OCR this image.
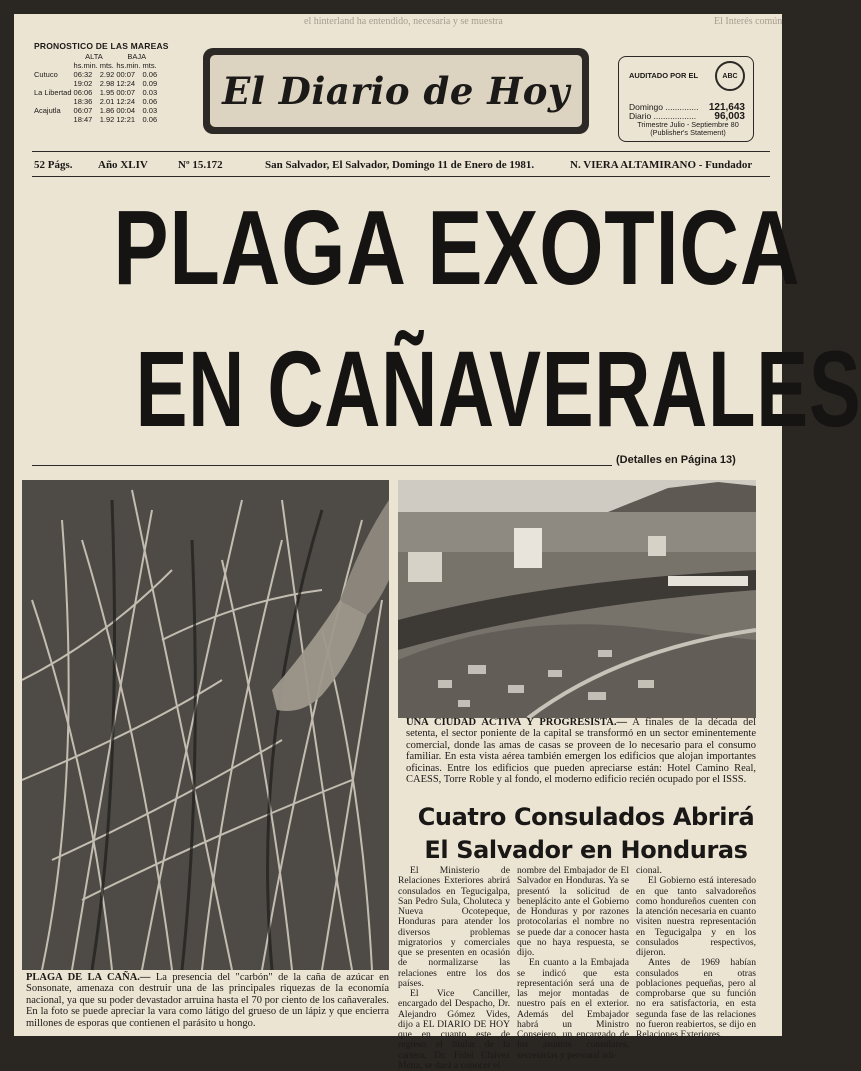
el hinterland ha entendido, necesaria y se muestra	El Interés común
PRONOSTICO DE LAS MAREAS
	ALTA		BAJA	
	hs.min.	mts.	hs.min.	mts.
Cutuco	06:32	2.92	00:07	0.06
	19:02	2.98	12:24	0.09
La Libertad	06:06	1.95	00:07	0.03
	18:36	2.01	12:24	0.06
Acajutla	06:07	1.86	00:04	0.03
	18:47	1.92	12:21	0.06
El Diario de Hoy	AUDITADO POR EL	ABC
Domingo .............. 121,643
Diario .................. 96,003
Trimestre Julio - Septiembre 80
(Publisher's Statement)
52 Págs. Año XLIV	Nº 15.172	San Salvador, El Salvador, Domingo 11 de Enero de 1981.	N. VIERA ALTAMIRANO - Fundador
PLAGA EXOTICA
EN CAÑAVERALES
(Detalles en Página 13)
PLAGA DE LA CAÑA.— La presencia del "carbón" de la caña de azúcar en Sonsonate, amenaza con destruir una de las principales riquezas de la economía nacional, ya que su poder devastador arruina hasta el 70 por ciento de los cañaverales. En la foto se puede apreciar la vara como látigo del grueso de un lápiz y que encierra millones de esporas que contienen el parásito u hongo.
UNA CIUDAD ACTIVA Y PROGRESISTA.— A finales de la década del setenta, el sector poniente de la capital se transformó en un sector eminentemente comercial, donde las amas de casas se proveen de lo necesario para el consumo familiar. En esta vista aérea también emergen los edificios que alojan importantes oficinas. Entre los edificios que pueden apreciarse están: Hotel Camino Real, CAESS, Torre Roble y al fondo, el moderno edificio recién ocupado por el ISSS.
Cuatro Consulados Abrirá
El Salvador en Honduras

El Ministerio de Relaciones Exteriores abrirá consulados en Tegucigalpa, San Pedro Sula, Choluteca y Nueva Ocotepeque, Honduras para atender los diversos problemas migratorios y comerciales que se presenten en ocasión de normalizarse las relaciones entre los dos países.

El Vice Canciller, encargado del Despacho, Dr. Alejandro Gómez Vides, dijo a EL DIARIO DE HOY que en cuanto este de regreso el titular de la cartera, Dr. Fidel Chávez Mena, se dará a conocer el

nombre del Embajador de El Salvador en Honduras. Ya se presentó la solicitud de beneplácito ante el Gobierno de Honduras y por razones protocolarias el nombre no se puede dar a conocer hasta que no haya respuesta, se dijo.

En cuanto a la Embajada se indicó que esta representación será una de las mejor montadas de nuestro país en el exterior. Además del Embajador habrá un Ministro Consejero, un encargado de los asuntos consulares, secretarías y personal adi-

cional.

El Gobierno está interesado en que tanto salvadoreños como hondureños cuenten con la atención necesaria en cuanto visiten nuestra representación en Tegucigalpa y en los consulados respectivos, dijeron.

Antes de 1969 habían consulados en otras poblaciones pequeñas, pero al comprobarse que su función no era satisfactoria, en esta segunda fase de las relaciones no fueron reabiertos, se dijo en Relaciones Exteriores.
